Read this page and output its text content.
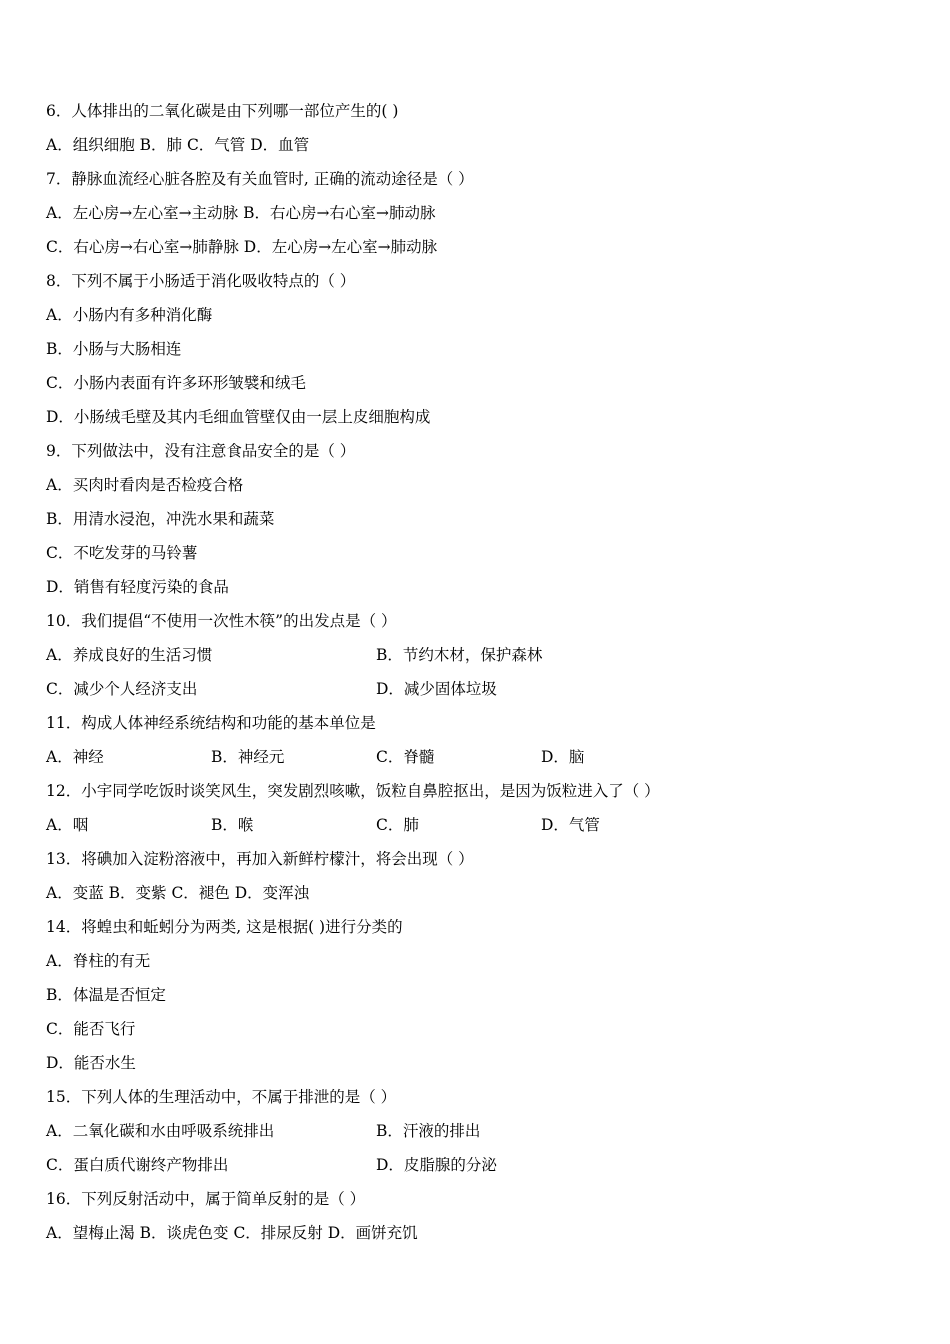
6．人体排出的二氧化碳是由下列哪一部位产生的( )
A．组织细胞 B．肺 C．气管 D．血管
7．静脉血流经心脏各腔及有关血管时, 正确的流动途径是（ ）
A．左心房→左心室→主动脉 B．右心房→右心室→肺动脉
C．右心房→右心室→肺静脉 D．左心房→左心室→肺动脉
8．下列不属于小肠适于消化吸收特点的（ ）
A．小肠内有多种消化酶
B．小肠与大肠相连
C．小肠内表面有许多环形皱襞和绒毛
D．小肠绒毛壁及其内毛细血管壁仅由一层上皮细胞构成
9．下列做法中，没有注意食品安全的是（ ）
A．买肉时看肉是否检疫合格
B．用清水浸泡，冲洗水果和蔬菜
C．不吃发芽的马铃薯
D．销售有轻度污染的食品
10．我们提倡“不使用一次性木筷”的出发点是（ ）
A．养成良好的生活习惯	B．节约木材，保护森林
C．减少个人经济支出	D．减少固体垃圾
11．构成人体神经系统结构和功能的基本单位是
A．神经	B．神经元	C．脊髓	D．脑
12．小宇同学吃饭时谈笑风生，突发剧烈咳嗽，饭粒自鼻腔抠出，是因为饭粒进入了（ ）
A．咽	B．喉	C．肺	D．气管
13．将碘加入淀粉溶液中，再加入新鲜柠檬汁，将会出现（ ）
A．变蓝 B．变紫 C．褪色 D．变浑浊
14．将蝗虫和蚯蚓分为两类, 这是根据( )进行分类的
A．脊柱的有无
B．体温是否恒定
C．能否飞行
D．能否水生
15．下列人体的生理活动中，不属于排泄的是（ ）
A．二氧化碳和水由呼吸系统排出	B．汗液的排出
C．蛋白质代谢终产物排出	D．皮脂腺的分泌
16．下列反射活动中，属于简单反射的是（ ）
A．望梅止渴 B．谈虎色变 C．排尿反射 D．画饼充饥
